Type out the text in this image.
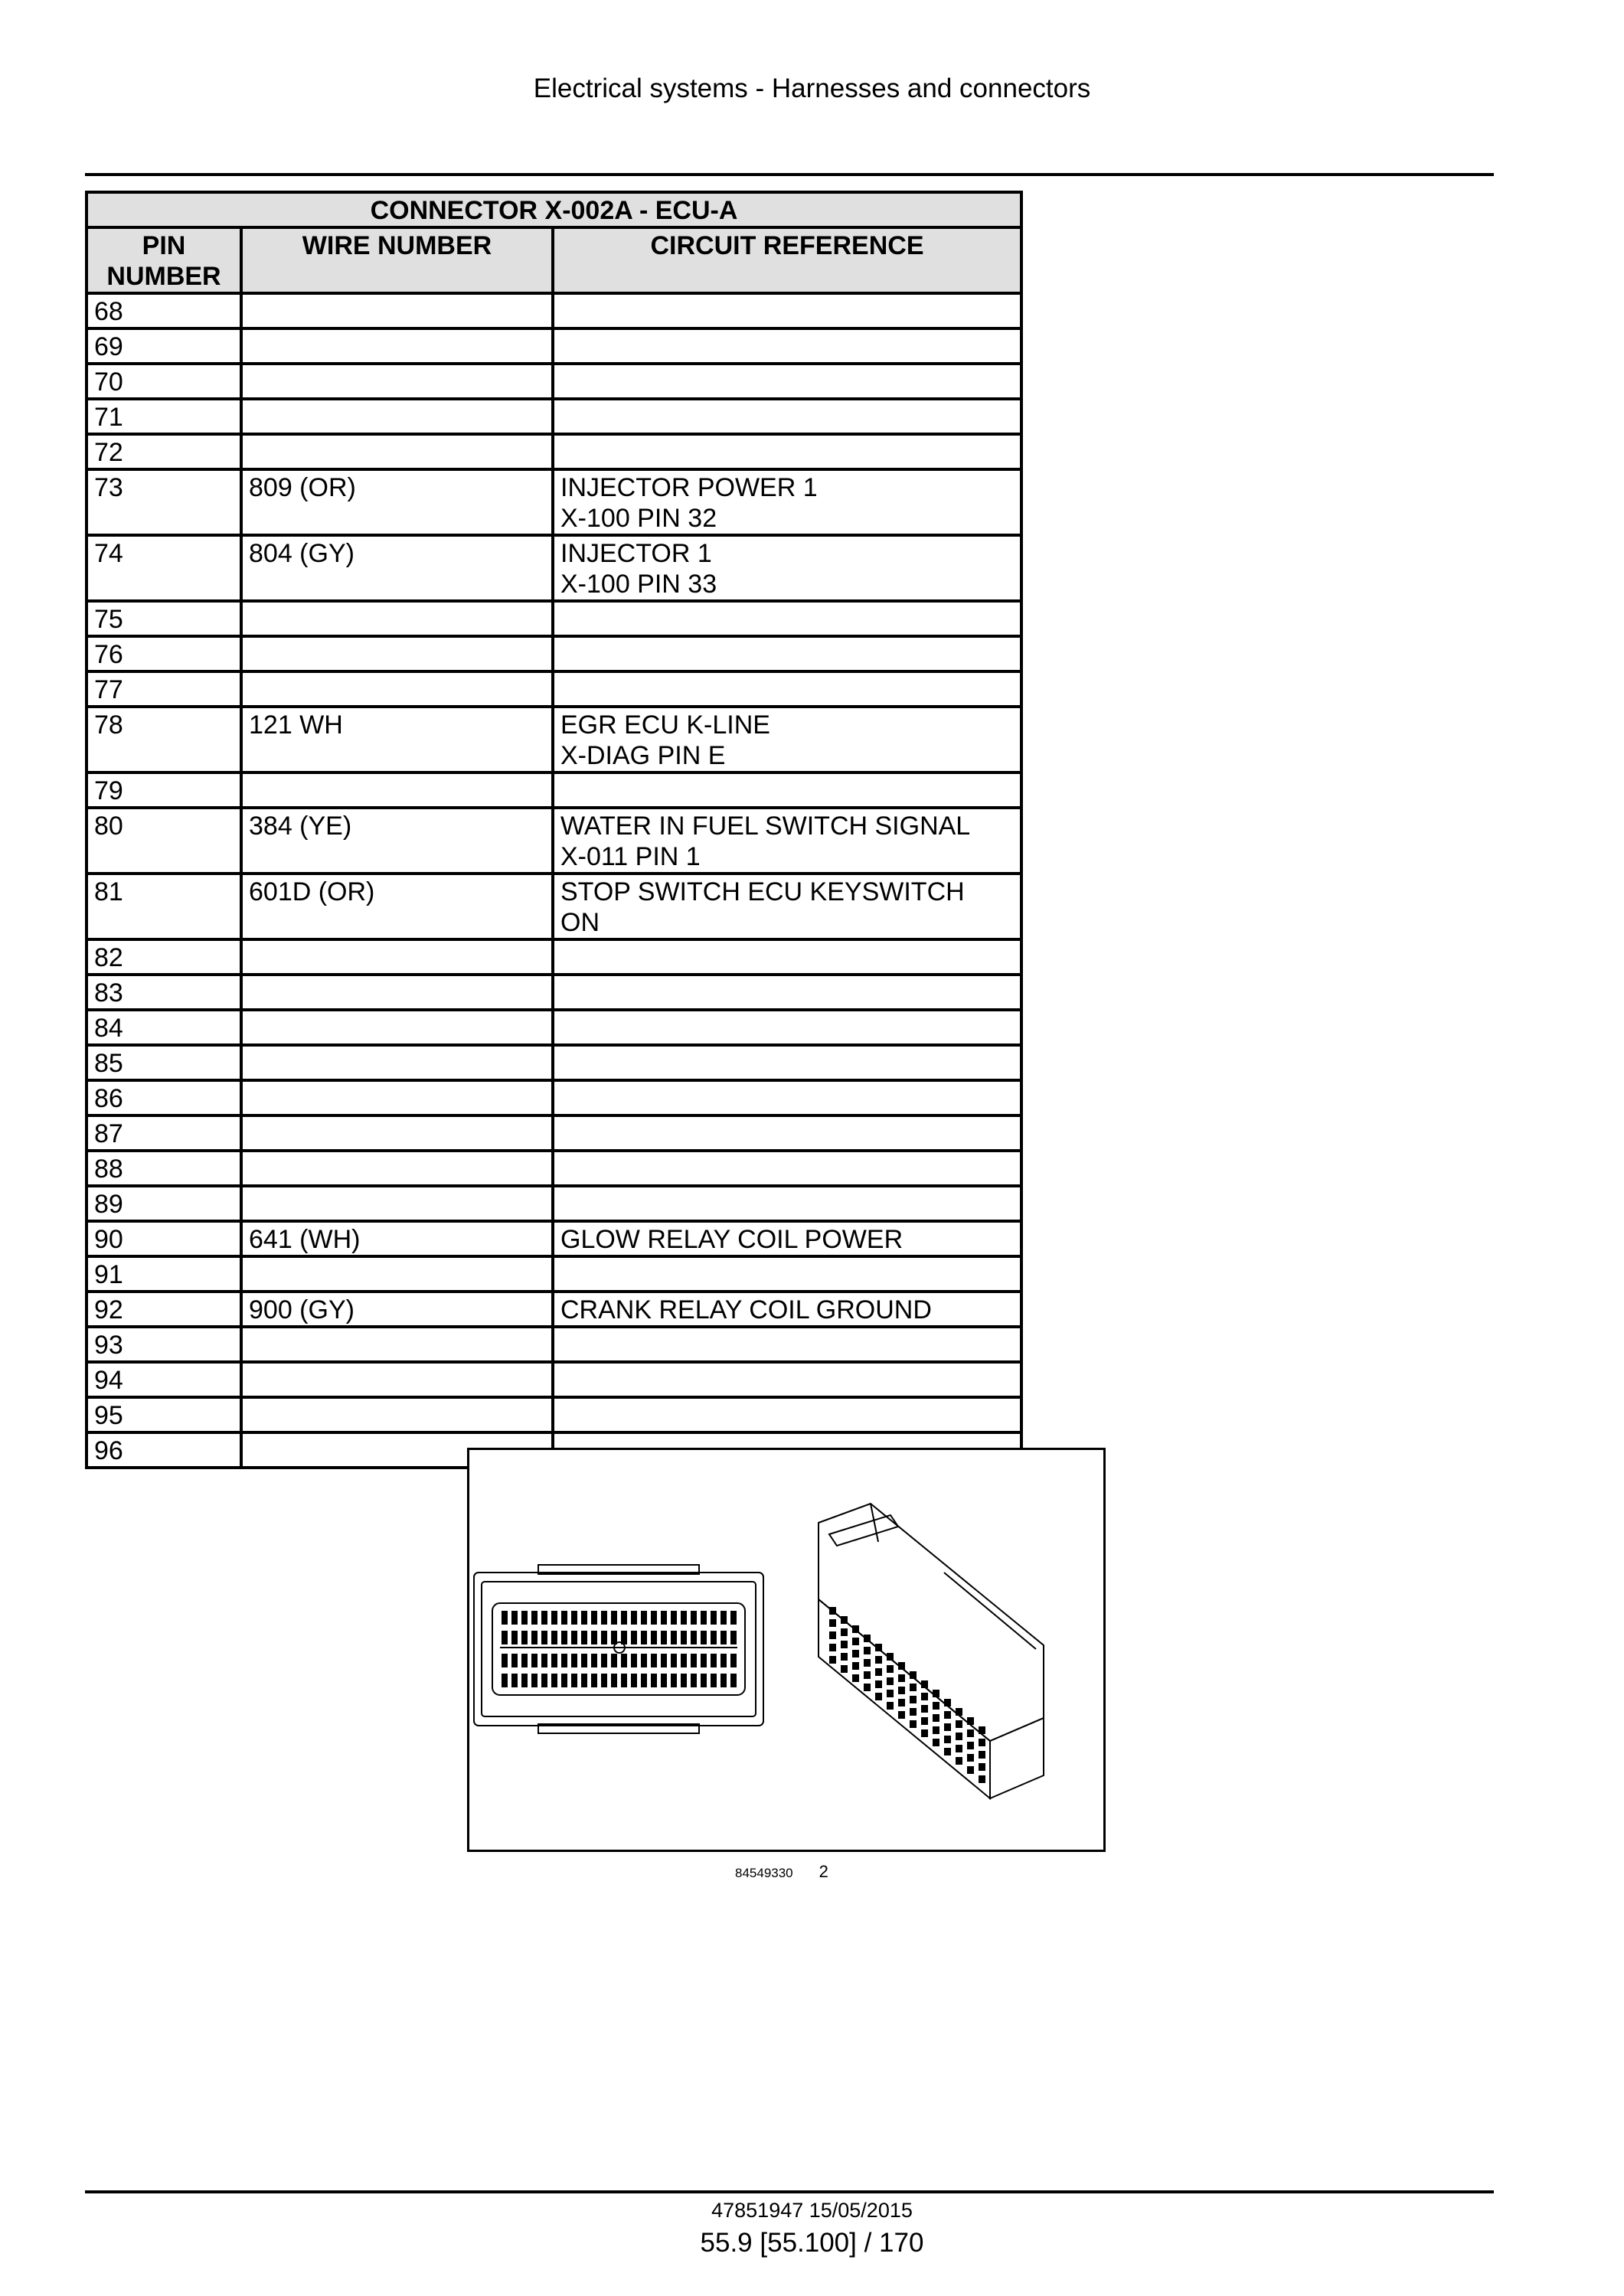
Electrical systems - Harnesses and connectors
CONNECTOR X-002A - ECU-A		
PIN NUMBER	WIRE NUMBER	CIRCUIT REFERENCE
68		
69		
70		
71		
72		
73	809 (OR)	INJECTOR POWER 1
X-100 PIN 32

74	804 (GY)	INJECTOR 1
X-100 PIN 33

75		
76		
77		
78	121 WH	EGR ECU K-LINE
X-DIAG PIN E

79		
80	384 (YE)	WATER IN FUEL SWITCH SIGNAL
X-011 PIN 1

81	601D (OR)	STOP SWITCH ECU KEYSWITCH
ON

82		
83		
84		
85		
86		
87		
88		
89		
90	641 (WH)	GLOW RELAY COIL POWER

91		
92	900 (GY)	CRANK RELAY COIL GROUND

93		
94		
95		
96		
84549330 2
47851947 15/05/2015
55.9 [55.100] / 170
